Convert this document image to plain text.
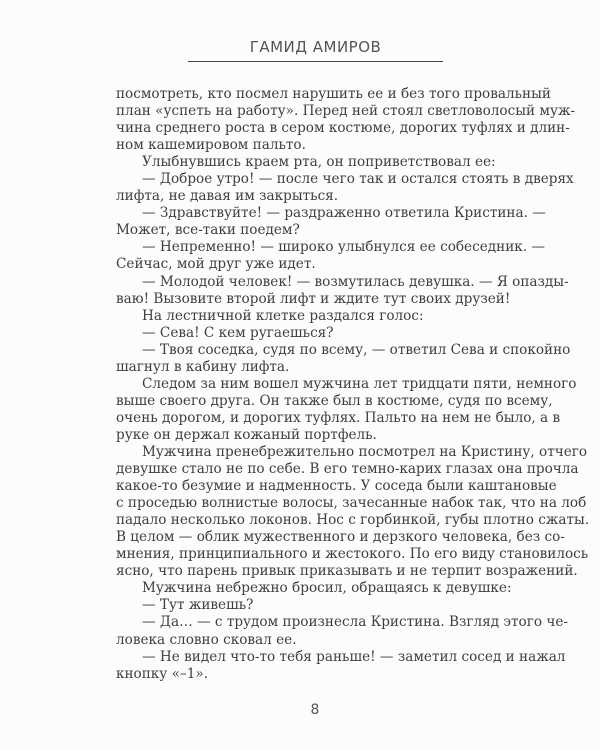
ГАМИД АМИРОВ
посмотреть, кто посмел нарушить ее и без того провальный
план «успеть на работу». Перед ней стоял светловолосый муж-
чина среднего роста в сером костюме, дорогих туфлях и длин-
ном кашемировом пальто.
Улыбнувшись краем рта, он поприветствовал ее:
— Доброе утро! — после чего так и остался стоять в дверях
лифта, не давая им закрыться.
— Здравствуйте! — раздраженно ответила Кристина. —
Может, все-таки поедем?
— Непременно! — широко улыбнулся ее собеседник. —
Сейчас, мой друг уже идет.
— Молодой человек! — возмутилась девушка. — Я опазды-
ваю! Вызовите второй лифт и ждите тут своих друзей!
На лестничной клетке раздался голос:
— Сева! С кем ругаешься?
— Твоя соседка, судя по всему, — ответил Сева и спокойно
шагнул в кабину лифта.
Следом за ним вошел мужчина лет тридцати пяти, немного
выше своего друга. Он также был в костюме, судя по всему,
очень дорогом, и дорогих туфлях. Пальто на нем не было, а в
руке он держал кожаный портфель.
Мужчина пренебрежительно посмотрел на Кристину, отчего
девушке стало не по себе. В его темно-карих глазах она прочла
какое-то безумие и надменность. У соседа были каштановые
с проседью волнистые волосы, зачесанные набок так, что на лоб
падало несколько локонов. Нос с горбинкой, губы плотно сжаты.
В целом — облик мужественного и дерзкого человека, без со-
мнения, принципиального и жестокого. По его виду становилось
ясно, что парень привык приказывать и не терпит возражений.
Мужчина небрежно бросил, обращаясь к девушке:
— Тут живешь?
— Да… — с трудом произнесла Кристина. Взгляд этого че-
ловека словно сковал ее.
— Не видел что-то тебя раньше! — заметил сосед и нажал
кнопку «–1».
8
